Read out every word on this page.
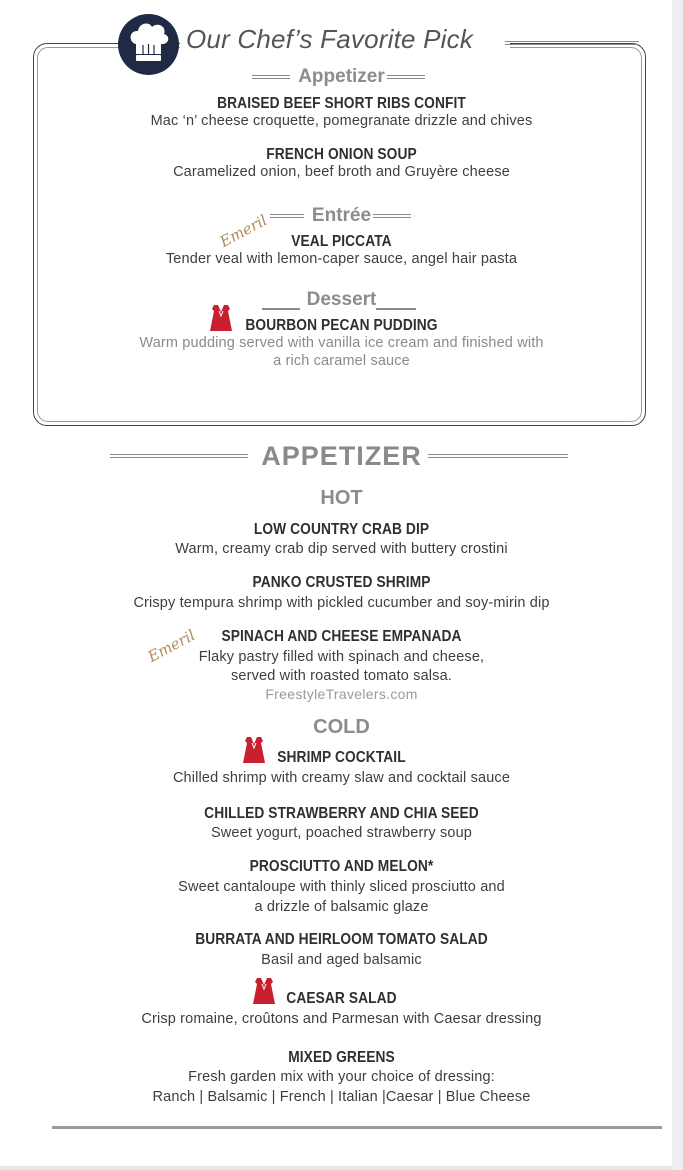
Our Chef’s Favorite Pick
Appetizer
BRAISED BEEF SHORT RIBS CONFIT
Mac ‘n’ cheese croquette, pomegranate drizzle and chives
FRENCH ONION SOUP
Caramelized onion, beef broth and Gruyère cheese
Entrée
Emeril	VEAL PICCATA
Tender veal with lemon-caper sauce, angel hair pasta
Dessert
BOURBON PECAN PUDDING
Warm pudding served with vanilla ice cream and finished with
a rich caramel sauce
APPETIZER
HOT
LOW COUNTRY CRAB DIP
Warm, creamy crab dip served with buttery crostini
PANKO CRUSTED SHRIMP
Crispy tempura shrimp with pickled cucumber and soy-mirin dip
Emeril	SPINACH AND CHEESE EMPANADA
Flaky pastry filled with spinach and cheese,
served with roasted tomato salsa.
FreestyleTravelers.com
COLD
SHRIMP COCKTAIL
Chilled shrimp with creamy slaw and cocktail sauce
CHILLED STRAWBERRY AND CHIA SEED
Sweet yogurt, poached strawberry soup
PROSCIUTTO AND MELON*
Sweet cantaloupe with thinly sliced prosciutto and
a drizzle of balsamic glaze
BURRATA AND HEIRLOOM TOMATO SALAD
Basil and aged balsamic
CAESAR SALAD
Crisp romaine, croûtons and Parmesan with Caesar dressing
MIXED GREENS
Fresh garden mix with your choice of dressing:
Ranch | Balsamic | French | Italian |Caesar | Blue Cheese
